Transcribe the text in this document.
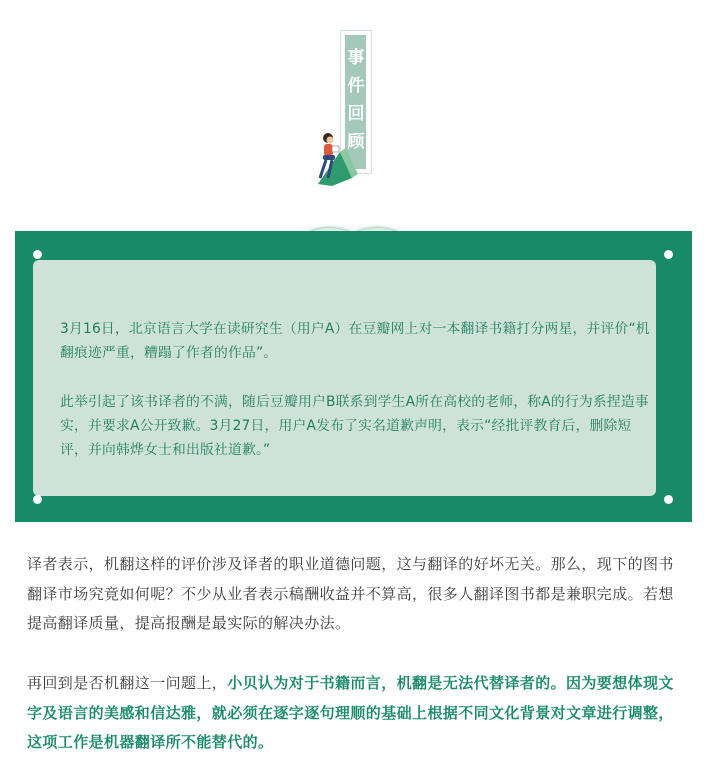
事
件
回
顾
3月16日，北京语言大学在读研究生（用户A）在豆瓣网上对一本翻译书籍打分两星，并评价“机翻痕迹严重，糟蹋了作者的作品”。
此举引起了该书译者的不满，随后豆瓣用户B联系到学生A所在高校的老师，称A的行为系捏造事实，并要求A公开致歉。3月27日，用户A发布了实名道歉声明，表示“经批评教育后，删除短评，并向韩烨女士和出版社道歉。”
译者表示，机翻这样的评价涉及译者的职业道德问题，这与翻译的好坏无关。那么，现下的图书翻译市场究竟如何呢？不少从业者表示稿酬收益并不算高，很多人翻译图书都是兼职完成。若想提高翻译质量，提高报酬是最实际的解决办法。
再回到是否机翻这一问题上，小贝认为对于书籍而言，机翻是无法代替译者的。因为要想体现文字及语言的美感和信达雅，就必须在逐字逐句理顺的基础上根据不同文化背景对文章进行调整，这项工作是机器翻译所不能替代的。
